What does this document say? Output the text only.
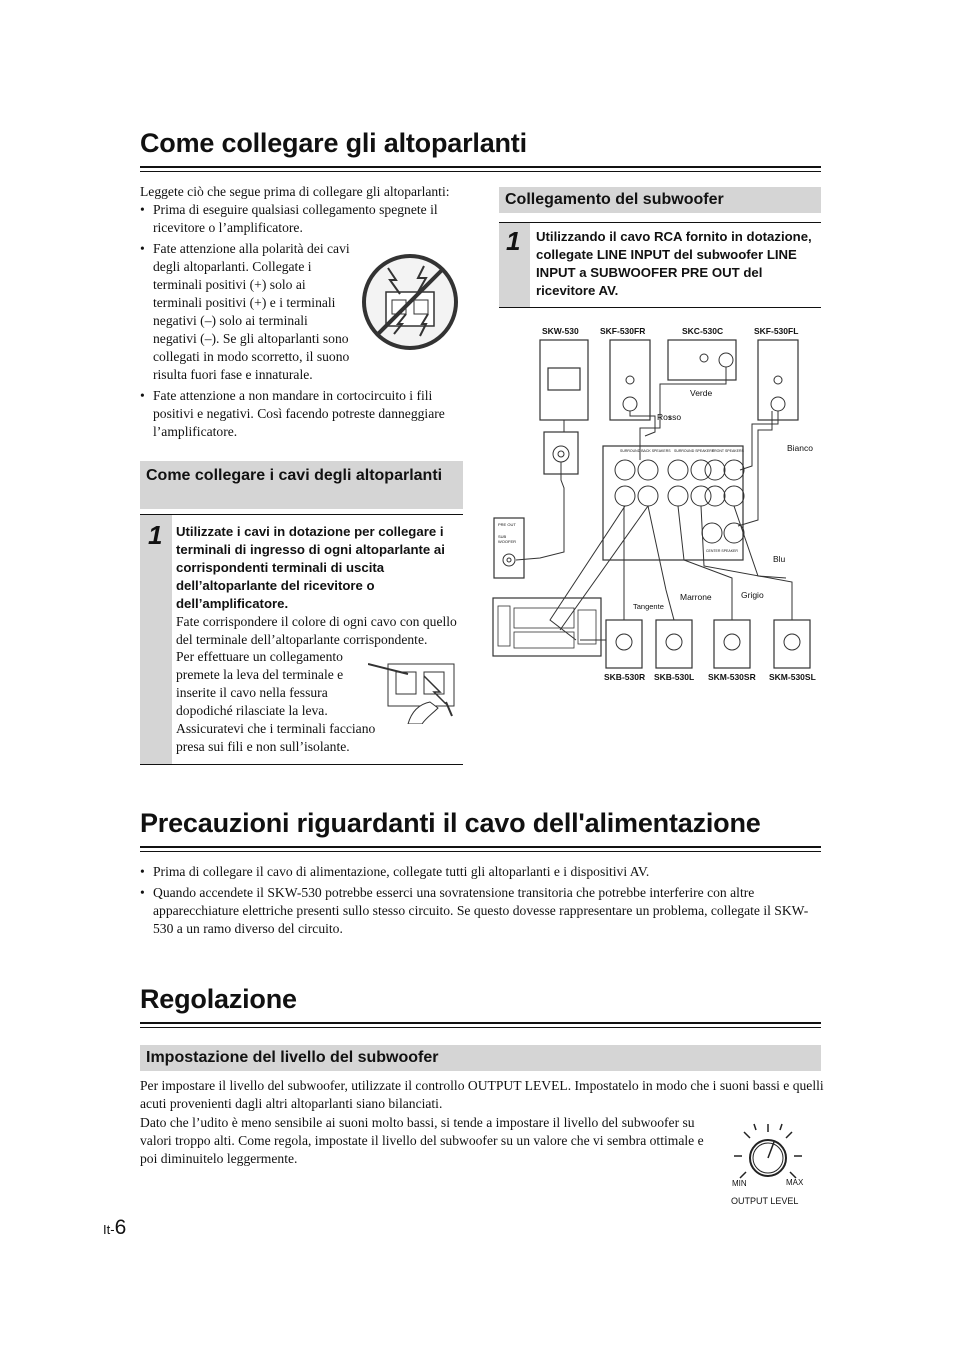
Come collegare gli altoparlanti

Leggete ciò che segue prima di collegare gli altoparlanti:

• Prima di eseguire qualsiasi collegamento spegnete il ricevitore o l’amplificatore.
• Fate attenzione alla polarità dei cavi degli altoparlanti. Collegate i terminali positivi (+) solo ai terminali positivi (+) e i terminali negativi (–) solo ai terminali negativi (–). Se gli altoparlanti sono collegati in modo scorretto, il suono risulta fuori fase e innaturale.
• Fate attenzione a non mandare in cortocircuito i fili positivi e negativi. Così facendo potreste danneggiare l’amplificatore.
Come collegare i cavi degli altoparlanti
1 Utilizzate i cavi in dotazione per collegare i terminali di ingresso di ogni altoparlante ai corrispondenti terminali di uscita dell’altoparlante del ricevitore o dell’amplificatore.
Fate corrispondere il colore di ogni cavo con quello del terminale dell’altoparlante corrispondente.
Per effettuare un collegamento premete la leva del terminale e inserite il cavo nella fessura dopodiché rilasciate la leva.
Assicuratevi che i terminali facciano presa sui fili e non sull’isolante.
Collegamento del subwoofer
1 Utilizzando il cavo RCA fornito in dotazione, collegate LINE INPUT del subwoofer LINE INPUT a SUBWOOFER PRE OUT del ricevitore AV.
SKW-530	SKF-530FR	SKC-530C	SKF-530FL
Verde
Rosso
Bianco
Blu
Marrone	Grigio
Tangente
SURROUND BACK SPEAKERS SURROUND SPEAKERS
FRONT SPEAKERS
CENTER SPEAKER
PRE OUT
SUB WOOFER
SKB-530R SKB-530L SKM-530SR SKM-530SL
Precauzioni riguardanti il cavo dell'alimentazione
• Prima di collegare il cavo di alimentazione, collegate tutti gli altoparlanti e i dispositivi AV.
• Quando accendete il SKW-530 potrebbe esserci una sovratensione transitoria che potrebbe interferire con altre apparecchiature elettriche presenti sullo stesso circuito. Se questo dovesse rappresentare un problema, collegate il SKW-530 a un ramo diverso del circuito.
Regolazione
Impostazione del livello del subwoofer
Per impostare il livello del subwoofer, utilizzate il controllo OUTPUT LEVEL. Impostatelo in modo che i suoni bassi e quelli acuti provenienti dagli altri altoparlanti siano bilanciati.
Dato che l’udito è meno sensibile ai suoni molto bassi, si tende a impostare il livello del subwoofer su valori troppo alti. Come regola, impostate il livello del subwoofer su un valore che vi sembra ottimale e poi diminuitelo leggermente.
MIN	MAX
OUTPUT LEVEL
It-6
